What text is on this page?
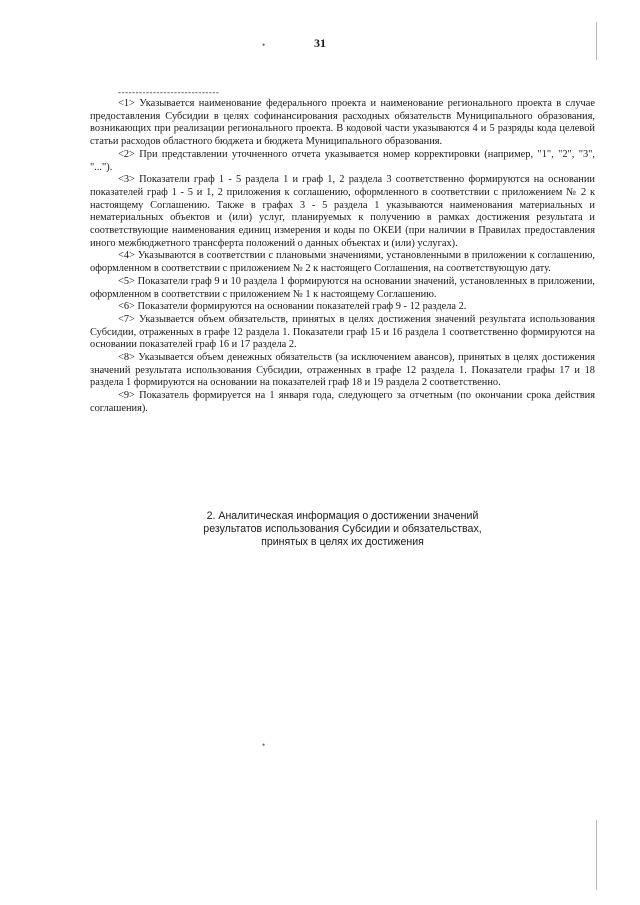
31
-----------------------------

<1> Указывается наименование федерального проекта и наименование регионального проекта в случае предоставления Субсидии в целях софинансирования расходных обязательств Муниципального образования, возникающих при реализации регионального проекта. В кодовой части указываются 4 и 5 разряды кода целевой статьи расходов областного бюджета и бюджета Муниципального образования.

<2> При представлении уточненного отчета указывается номер корректировки (например, "1", "2", "3", "...").

<3> Показатели граф 1 - 5 раздела 1 и граф 1, 2 раздела 3 соответственно формируются на основании показателей граф 1 - 5 и 1, 2 приложения к соглашению, оформленного в соответствии с приложением № 2 к настоящему Соглашению. Также в графах 3 - 5 раздела 1 указываются наименования материальных и нематериальных объектов и (или) услуг, планируемых к получению в рамках достижения результата и соответствующие наименования единиц измерения и коды по ОКЕИ (при наличии в Правилах предоставления иного межбюджетного трансферта положений о данных объектах и (или) услугах).

<4> Указываются в соответствии с плановыми значениями, установленными в приложении к соглашению, оформленном в соответствии с приложением № 2 к настоящего Соглашения, на соответствующую дату.

<5> Показатели граф 9 и 10 раздела 1 формируются на основании значений, установленных в приложении, оформленном в соответствии с приложением № 1 к настоящему Соглашению.

<6> Показатели формируются на основании показателей граф 9 - 12 раздела 2.

<7> Указывается объем обязательств, принятых в целях достижения значений результата использования Субсидии, отраженных в графе 12 раздела 1. Показатели граф 15 и 16 раздела 1 соответственно формируются на основании показателей граф 16 и 17 раздела 2.

<8> Указывается объем денежных обязательств (за исключением авансов), принятых в целях достижения значений результата использования Субсидии, отраженных в графе 12 раздела 1. Показатели графы 17 и 18 раздела 1 формируются на основании на показателей граф 18 и 19 раздела 2 соответственно.

<9> Показатель формируется на 1 января года, следующего за отчетным (по окончании срока действия соглашения).

2. Аналитическая информация о достижении значений
результатов использования Субсидии и обязательствах,
принятых в целях их достижения
•
•
